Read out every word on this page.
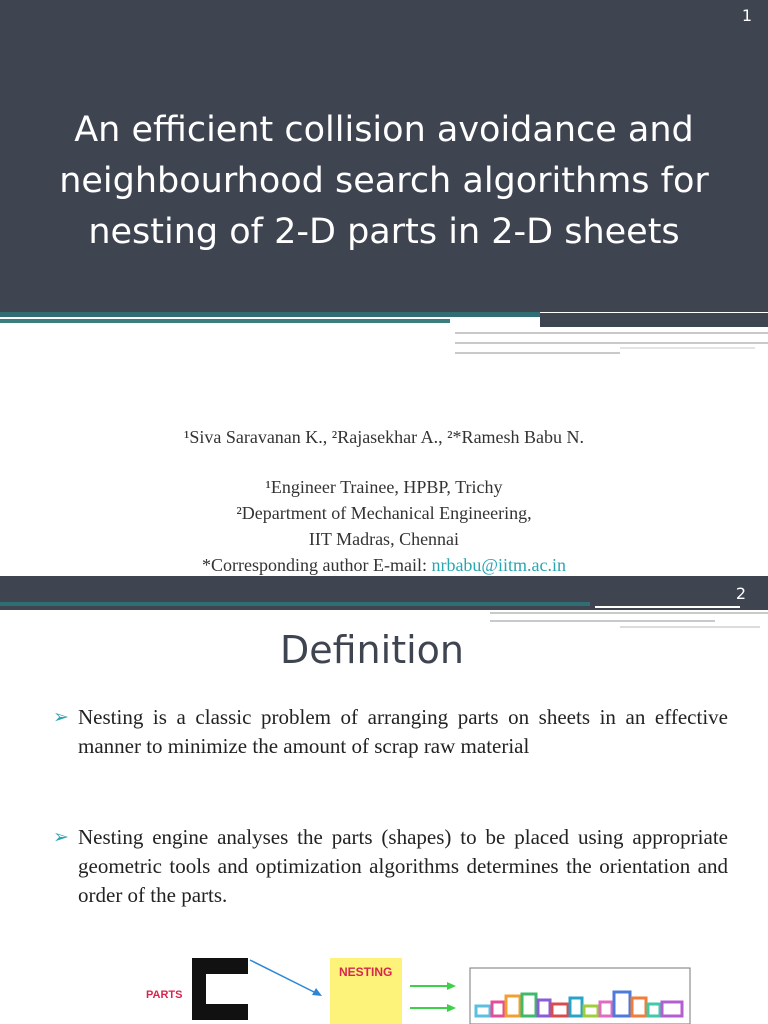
1
An efficient collision avoidance and neighbourhood search algorithms for nesting of 2-D parts in 2-D sheets
¹Siva Saravanan K., ²Rajasekhar A., ²*Ramesh Babu N.
¹Engineer Trainee, HPBP, Trichy
²Department of Mechanical Engineering,
IIT Madras, Chennai
*Corresponding author E-mail: nrbabu@iitm.ac.in
2
Definition
➢ Nesting is a classic problem of arranging parts on sheets in an effective manner to minimize the amount of scrap raw material
➢ Nesting engine analyses the parts (shapes) to be placed using appropriate geometric tools and optimization algorithms determines the orientation and order of the parts.
PARTS
NESTING
